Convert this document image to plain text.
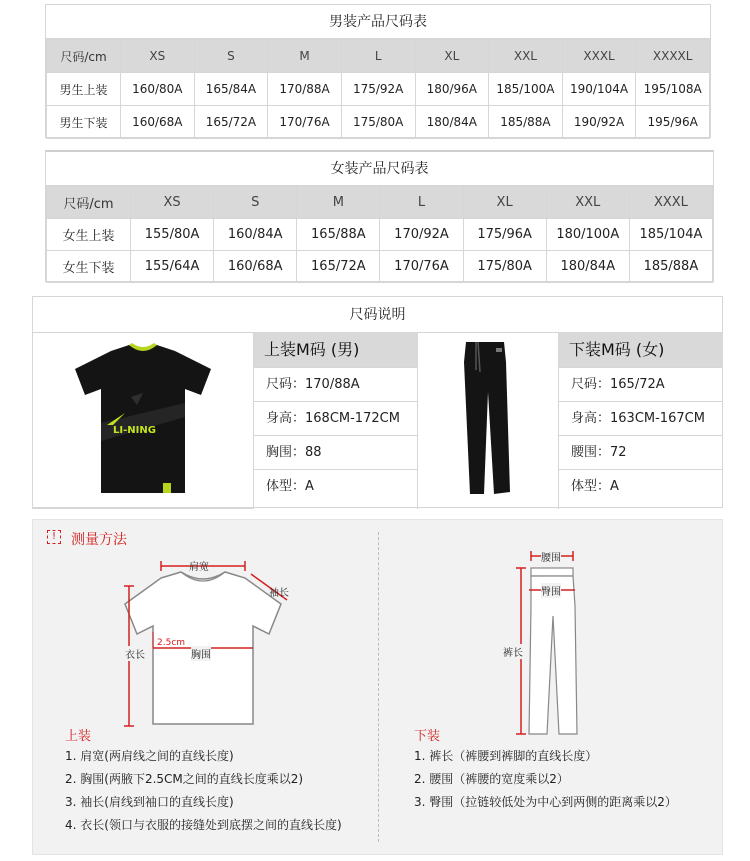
男装产品尺码表
尺码/cm	XS	S	M	L	XL	XXL	XXXL	XXXXL
男生上装	160/80A	165/84A	170/88A	175/92A	180/96A	185/100A	190/104A	195/108A
男生下装	160/68A	165/72A	170/76A	175/80A	180/84A	185/88A	190/92A	195/96A
女装产品尺码表
尺码/cm	XS	S	M	L	XL	XXL	XXXL
女生上装	155/80A	160/84A	165/88A	170/92A	175/96A	180/100A	185/104A
女生下装	155/64A	160/68A	165/72A	170/76A	175/80A	180/84A	185/88A
尺码说明
LI-NING
上装M码 (男)
尺码：170/88A
身高：168CM-172CM
胸围：88
体型：A
下装M码 (女)
尺码：165/72A
身高：163CM-167CM
腰围：72
体型：A
!	测量方法
肩宽
袖长
衣长
2.5cm
胸围
腰围
臀围
裤长
上装

1. 肩宽(两肩线之间的直线长度)

2. 胸围(两腋下2.5CM之间的直线长度乘以2)

3. 袖长(肩线到袖口的直线长度)

4. 衣长(领口与衣服的接缝处到底摆之间的直线长度)

下装

1. 裤长（裤腰到裤脚的直线长度）

2. 腰围（裤腰的宽度乘以2）

3. 臀围（拉链较低处为中心到两侧的距离乘以2）
